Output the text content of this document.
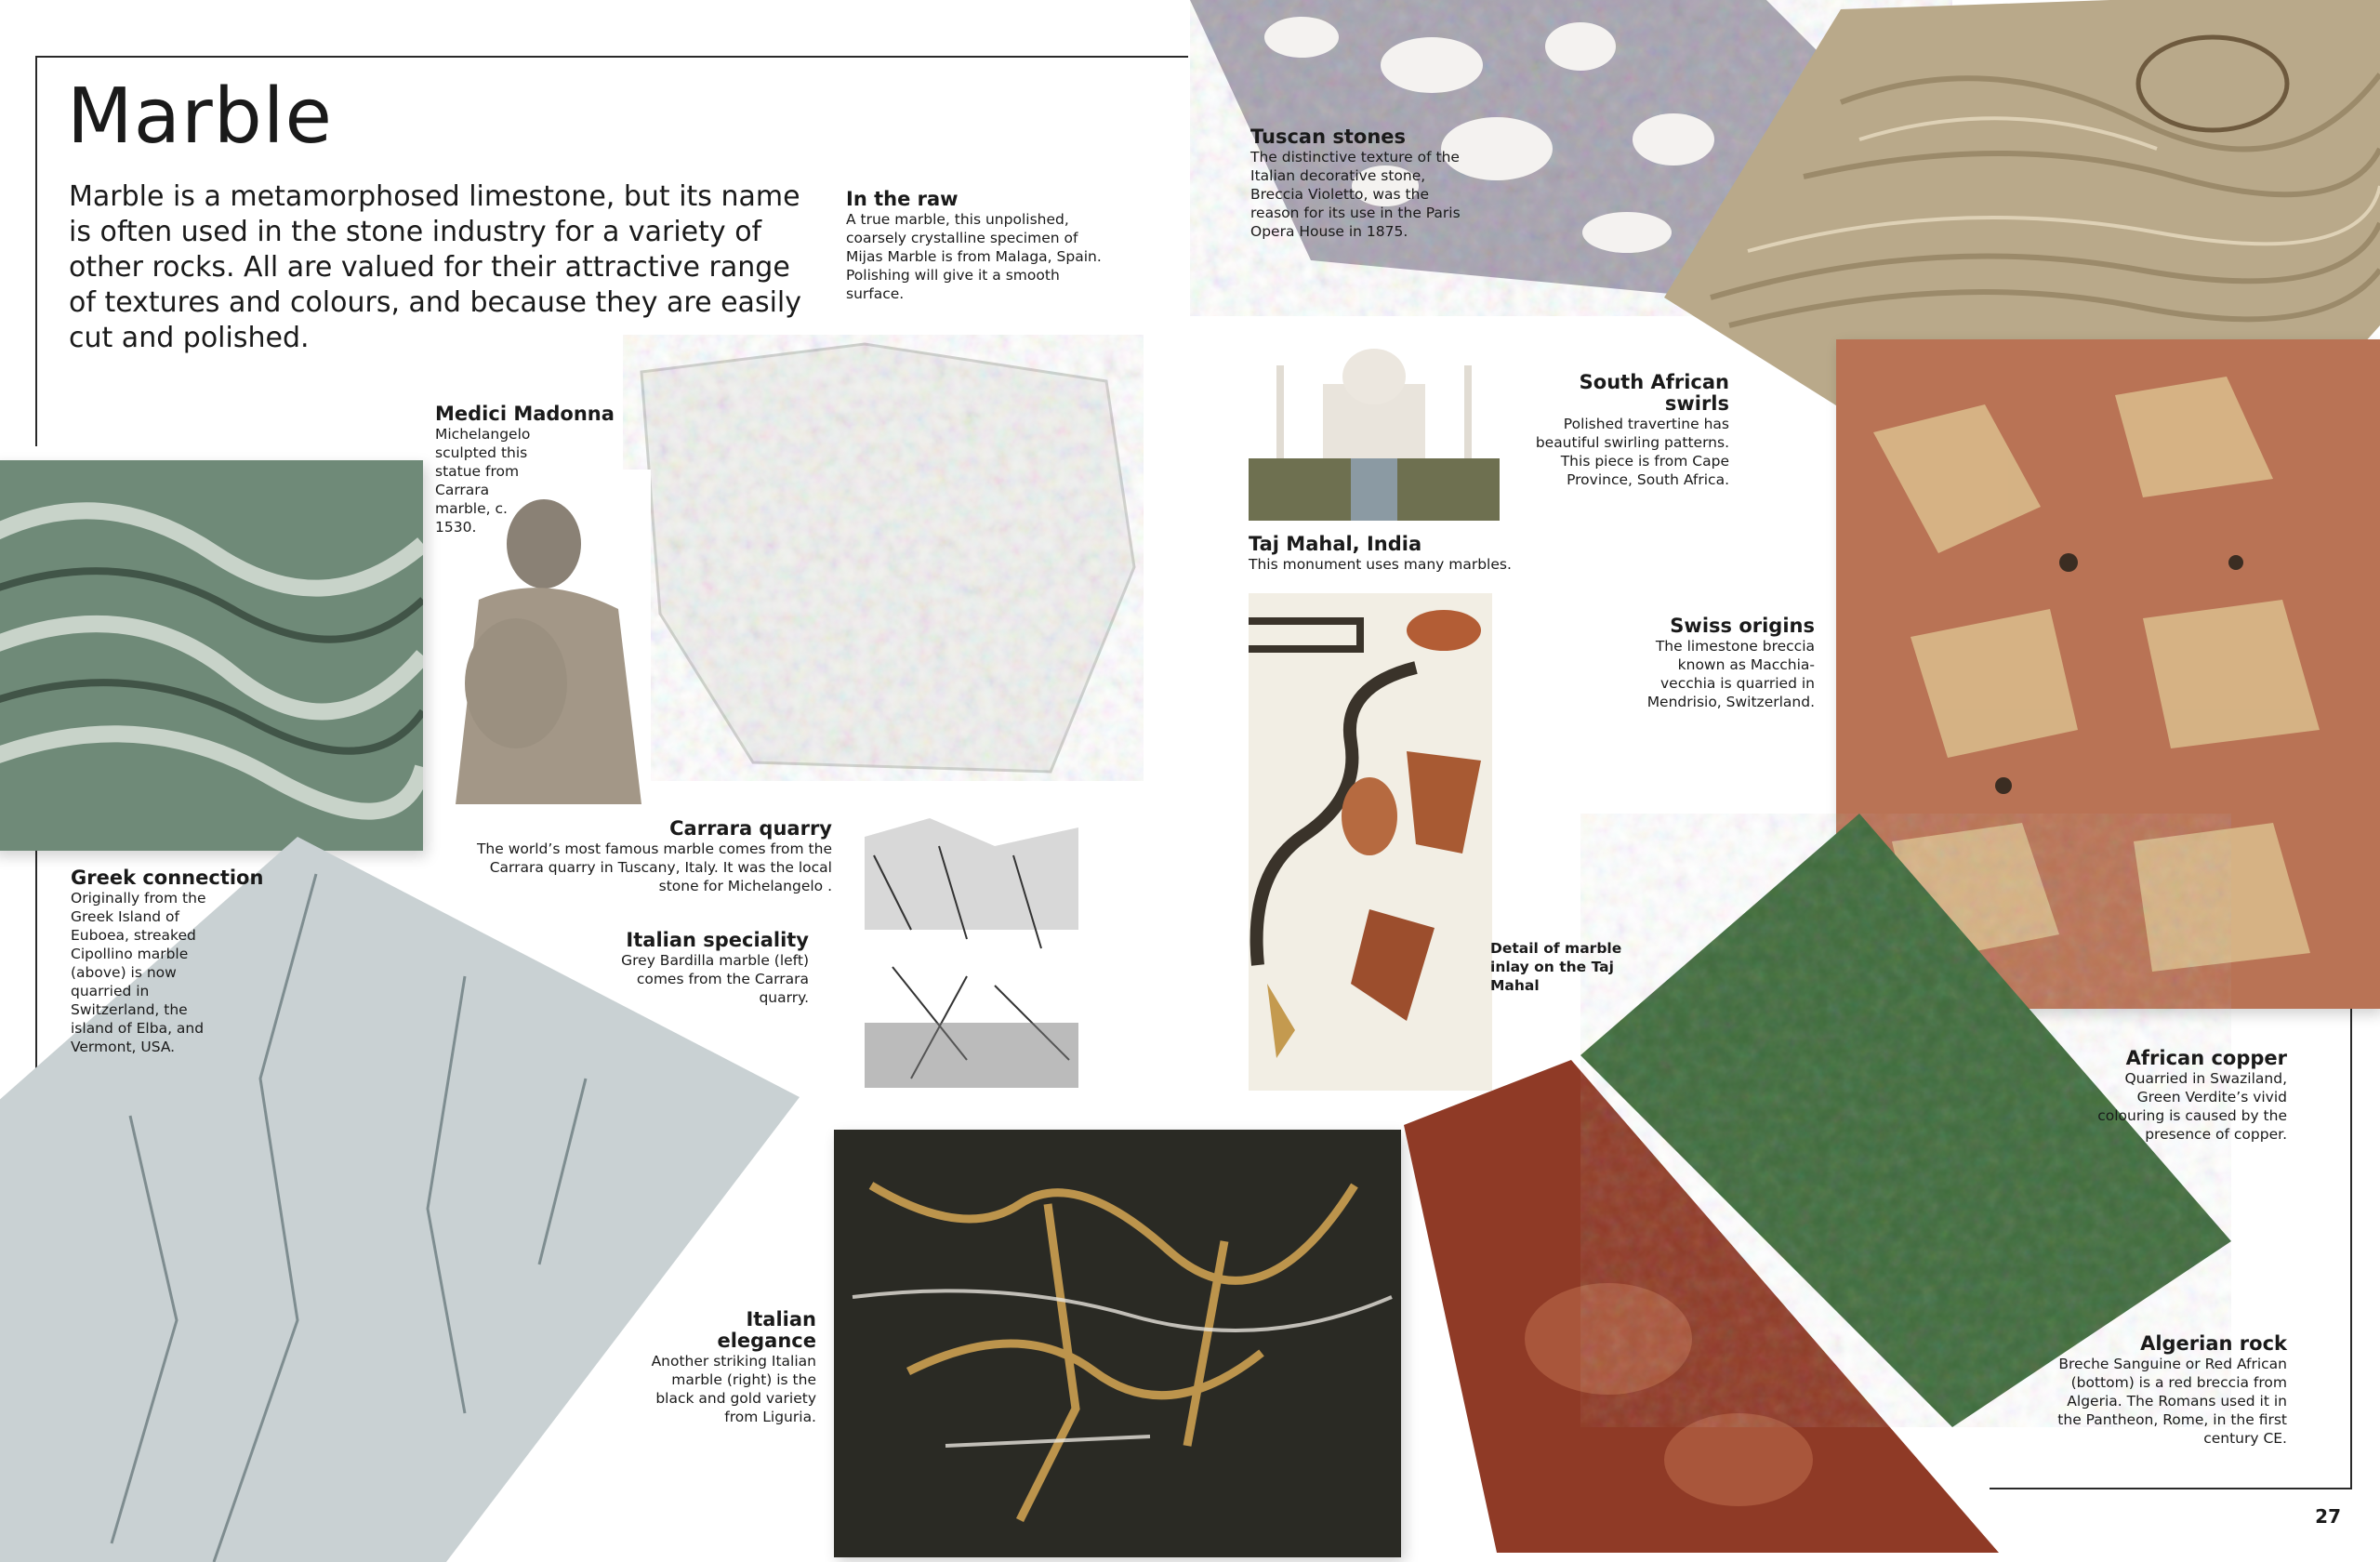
Marble

Marble is a metamorphosed limestone, but its name is often used in the stone industry for a variety of other rocks. All are valued for their attractive range of textures and colours, and because they are easily cut and polished.

In the raw

A true marble, this unpolished, coarsely crystalline specimen of Mijas Marble is from Malaga, Spain. Polishing will give it a smooth surface.

Tuscan stones

The distinctive texture of the Italian decorative stone, Breccia Violetto, was the reason for its use in the Paris Opera House in 1875.

Medici Madonna

Michelangelo sculpted this statue from Carrara marble, c. 1530.

South African swirls

Polished travertine has beautiful swirling patterns. This piece is from Cape Province, South Africa.

Taj Mahal, India

This monument uses many marbles.

Swiss origins

The limestone breccia known as Macchia-vecchia is quarried in Mendrisio, Switzerland.

Carrara quarry

The world’s most famous marble comes from the Carrara quarry in Tuscany, Italy. It was the local stone for Michelangelo .

Italian speciality

Grey Bardilla marble (left) comes from the Carrara quarry.

Greek connection

Originally from the Greek Island of Euboea, streaked Cipollino marble (above) is now quarried in Switzerland, the island of Elba, and Vermont, USA.

Detail of marble inlay on the Taj Mahal

African copper

Quarried in Swaziland, Green Verdite’s vivid colouring is caused by the presence of copper.

Italian elegance

Another striking Italian marble (right) is the black and gold variety from Liguria.

Algerian rock

Breche Sanguine or Red African (bottom) is a red breccia from Algeria. The Romans used it in the Pantheon, Rome, in the first century CE.

27
